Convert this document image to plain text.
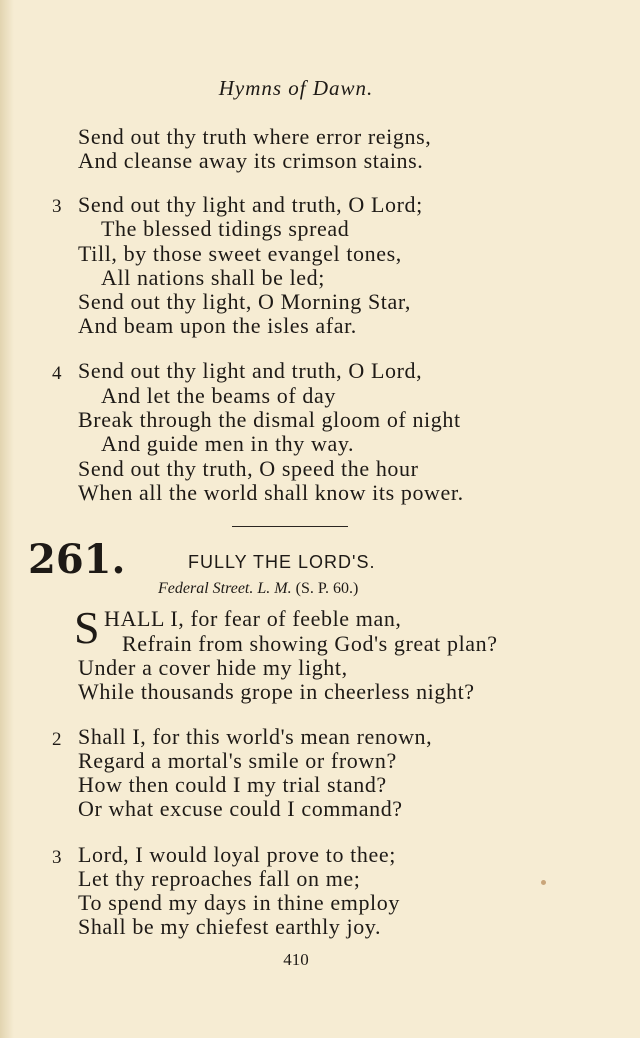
Hymns of Dawn.
Send out thy truth where error reigns,
And cleanse away its crimson stains.
3 Send out thy light and truth, O Lord;
The blessed tidings spread
Till, by those sweet evangel tones,
All nations shall be led;
Send out thy light, O Morning Star,
And beam upon the isles afar.
4 Send out thy light and truth, O Lord,
And let the beams of day
Break through the dismal gloom of night
And guide men in thy way.
Send out thy truth, O speed the hour
When all the world shall know its power.
261.	FULLY THE LORD'S.
Federal Street. L. M. (S. P. 60.)
S HALL I, for fear of feeble man,
Refrain from showing God's great plan?
Under a cover hide my light,
While thousands grope in cheerless night?
2 Shall I, for this world's mean renown,
Regard a mortal's smile or frown?
How then could I my trial stand?
Or what excuse could I command?
3 Lord, I would loyal prove to thee;
Let thy reproaches fall on me;
To spend my days in thine employ
Shall be my chiefest earthly joy.
410
